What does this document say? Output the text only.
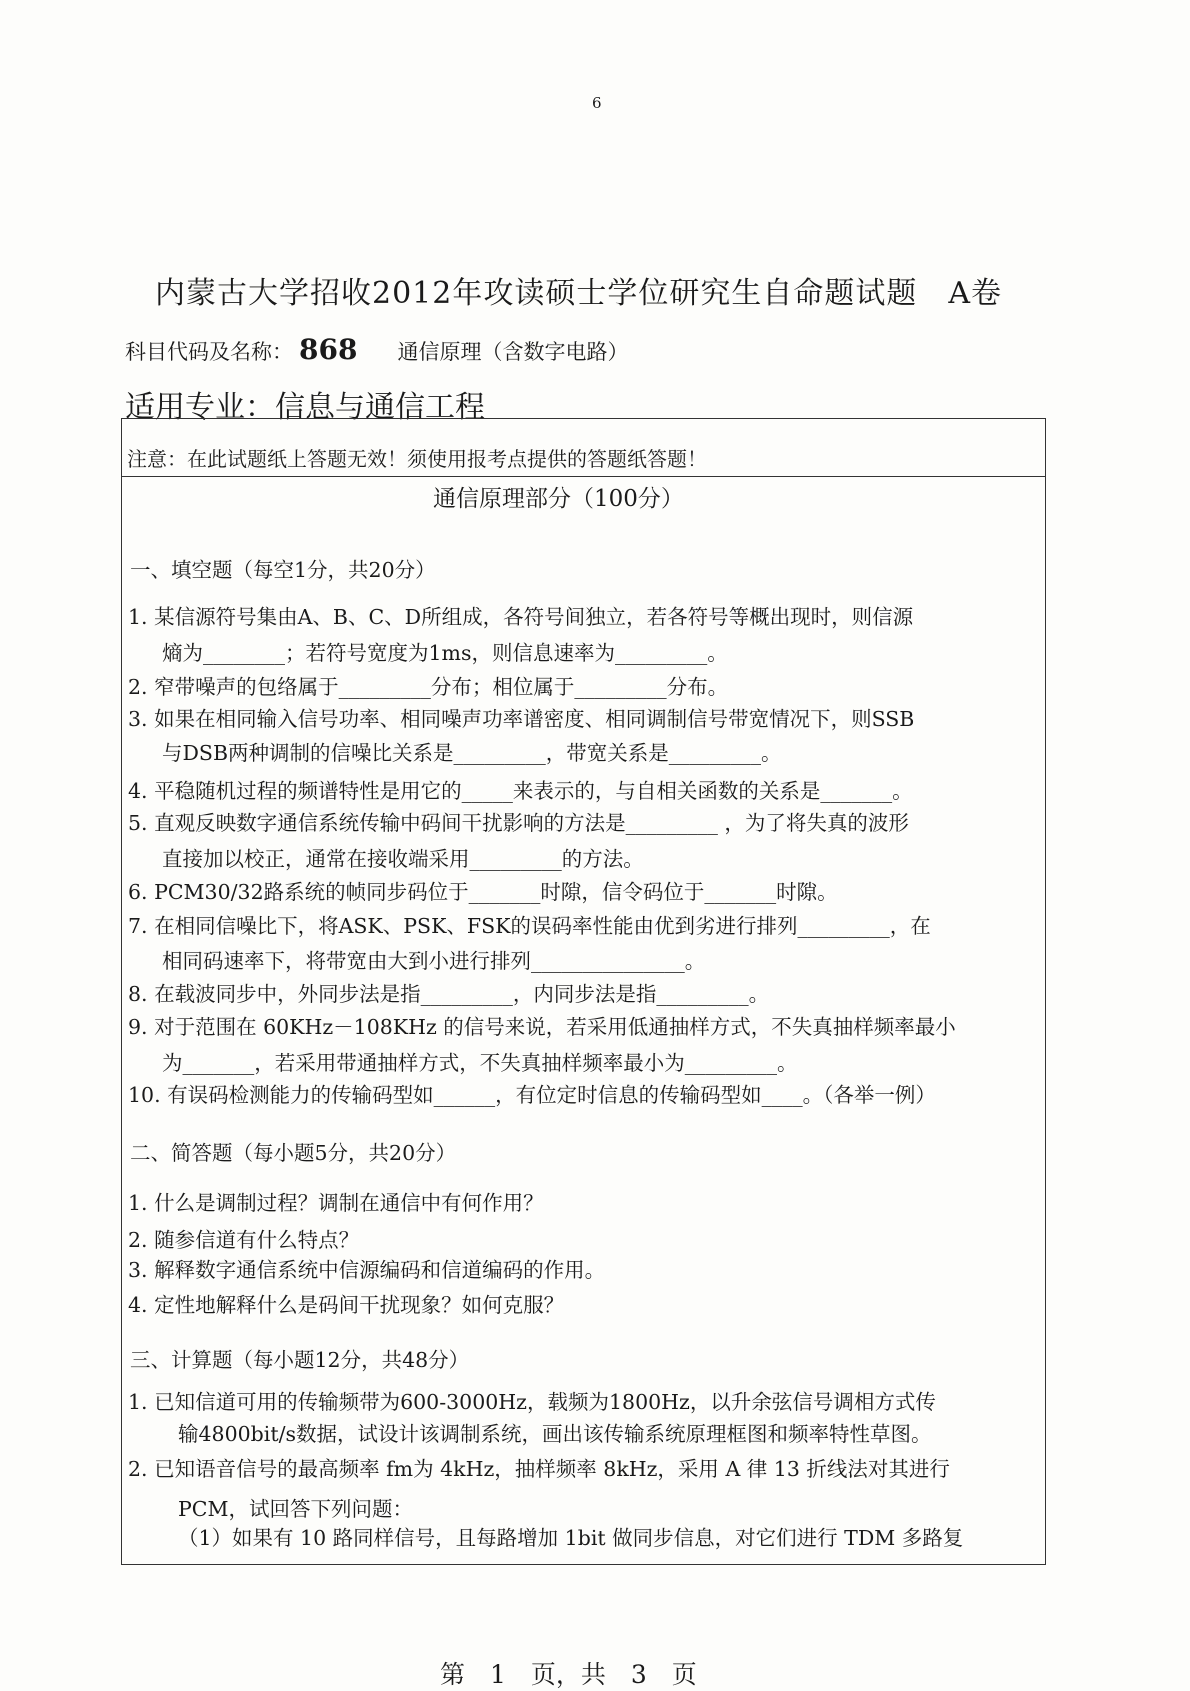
6
内蒙古大学招收2012年攻读硕士学位研究生自命题试题　A卷
科目代码及名称： 868 通信原理（含数字电路）
适用专业：信息与通信工程
注意：在此试题纸上答题无效！须使用报考点提供的答题纸答题！
通信原理部分（100分）
一、填空题（每空1分，共20分）
1. 某信源符号集由A、B、C、D所组成，各符号间独立，若各符号等概出现时，则信源
熵为________；若符号宽度为1ms，则信息速率为_________。
2. 窄带噪声的包络属于_________分布；相位属于_________分布。
3. 如果在相同输入信号功率、相同噪声功率谱密度、相同调制信号带宽情况下，则SSB
与DSB两种调制的信噪比关系是_________，带宽关系是_________。
4. 平稳随机过程的频谱特性是用它的_____来表示的，与自相关函数的关系是_______。
5. 直观反映数字通信系统传输中码间干扰影响的方法是_________ ，为了将失真的波形
直接加以校正，通常在接收端采用_________的方法。
6. PCM30/32路系统的帧同步码位于_______时隙，信令码位于_______时隙。
7. 在相同信噪比下，将ASK、PSK、FSK的误码率性能由优到劣进行排列_________，在
相同码速率下，将带宽由大到小进行排列_______________。
8. 在载波同步中，外同步法是指_________，内同步法是指_________。
9. 对于范围在 60KHz－108KHz 的信号来说，若采用低通抽样方式，不失真抽样频率最小
为_______，若采用带通抽样方式，不失真抽样频率最小为_________。
10. 有误码检测能力的传输码型如______，有位定时信息的传输码型如____。（各举一例）
二、简答题（每小题5分，共20分）
1. 什么是调制过程？调制在通信中有何作用？
2. 随参信道有什么特点？
3. 解释数字通信系统中信源编码和信道编码的作用。
4. 定性地解释什么是码间干扰现象？如何克服？
三、计算题（每小题12分，共48分）
1. 已知信道可用的传输频带为600-3000Hz，载频为1800Hz，以升余弦信号调相方式传
输4800bit/s数据，试设计该调制系统，画出该传输系统原理框图和频率特性草图。
2. 已知语音信号的最高频率 fm为 4kHz，抽样频率 8kHz，采用 A 律 13 折线法对其进行
PCM，试回答下列问题：
（1）如果有 10 路同样信号，且每路增加 1bit 做同步信息，对它们进行 TDM 多路复
第　1　页，共　3　页
